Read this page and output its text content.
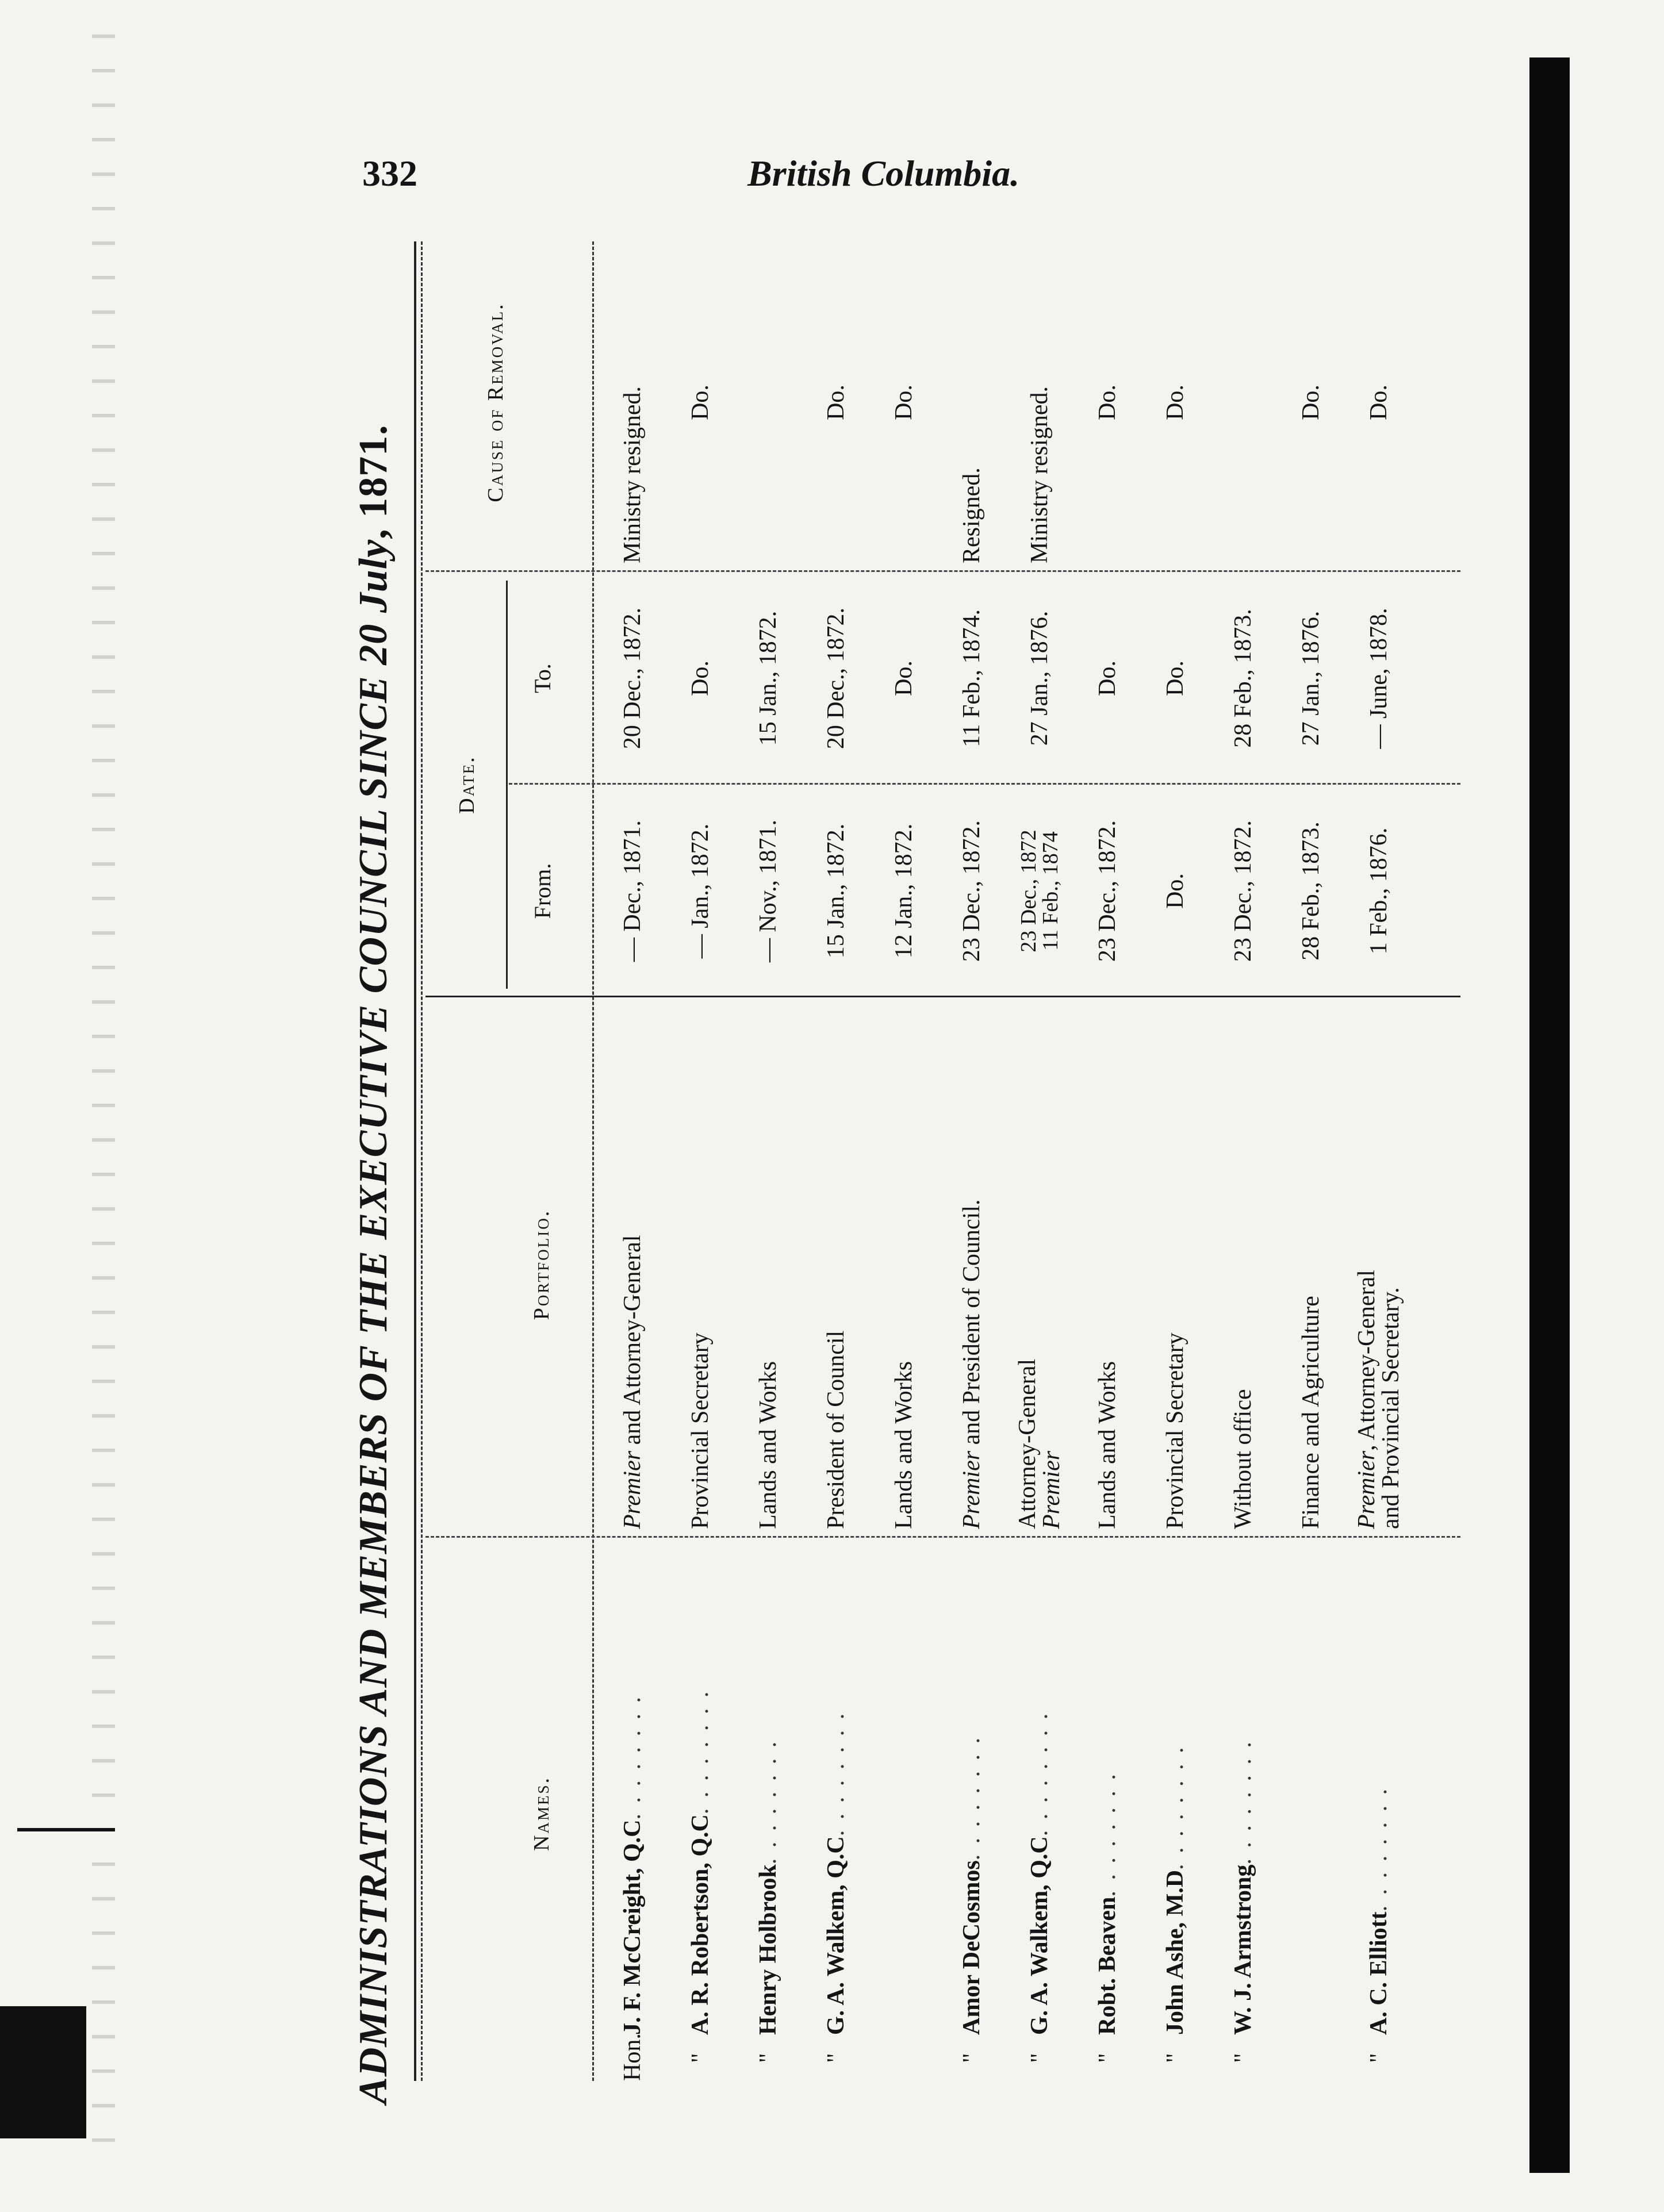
332	British Columbia.
ADMINISTRATIONS AND MEMBERS OF THE EXECUTIVE COUNCIL SINCE 20 July, 1871.
Names.
Portfolio.
Date.
From.
To.
Cause of Removal.
Hon.
J. F. McCreight, Q.C
. . . . . . . .
Premier and Attorney-General
— Dec., 1871.
20 Dec., 1872.
Ministry resigned.
"
A. R. Robertson, Q.C
. . . . . . . .
Provincial Secretary
— Jan., 1872.
Do.
Do.
"
Henry Holbrook
. . . . . . . .
Lands and Works
— Nov., 1871.
15 Jan., 1872.
"
G. A. Walkem, Q.C
. . . . . . . .
President of Council
15 Jan., 1872.
20 Dec., 1872.
Do.
Lands and Works
12 Jan., 1872.
Do.
Do.
"
Amor DeCosmos
. . . . . . . .
Premier and President of Council.
23 Dec., 1872.
11 Feb., 1874.
Resigned.
"
G. A. Walkem, Q.C
. . . . . . . .
Attorney-General
Premier
23 Dec., 1872
11 Feb., 1874
27 Jan., 1876.
Ministry resigned.
"
Robt. Beaven
. . . . . . . .
Lands and Works
23 Dec., 1872.
Do.
Do.
"
John Ashe, M.D
. . . . . . . .
Provincial Secretary
Do.
Do.
Do.
"
W. J. Armstrong
. . . . . . . .
Without office
23 Dec., 1872.
28 Feb., 1873.
Finance and Agriculture
28 Feb., 1873.
27 Jan., 1876.
Do.
"
A. C. Elliott
. . . . . . . .
Premier, Attorney-General
and Provincial Secretary.
1 Feb., 1876.
— June, 1878.
Do.
